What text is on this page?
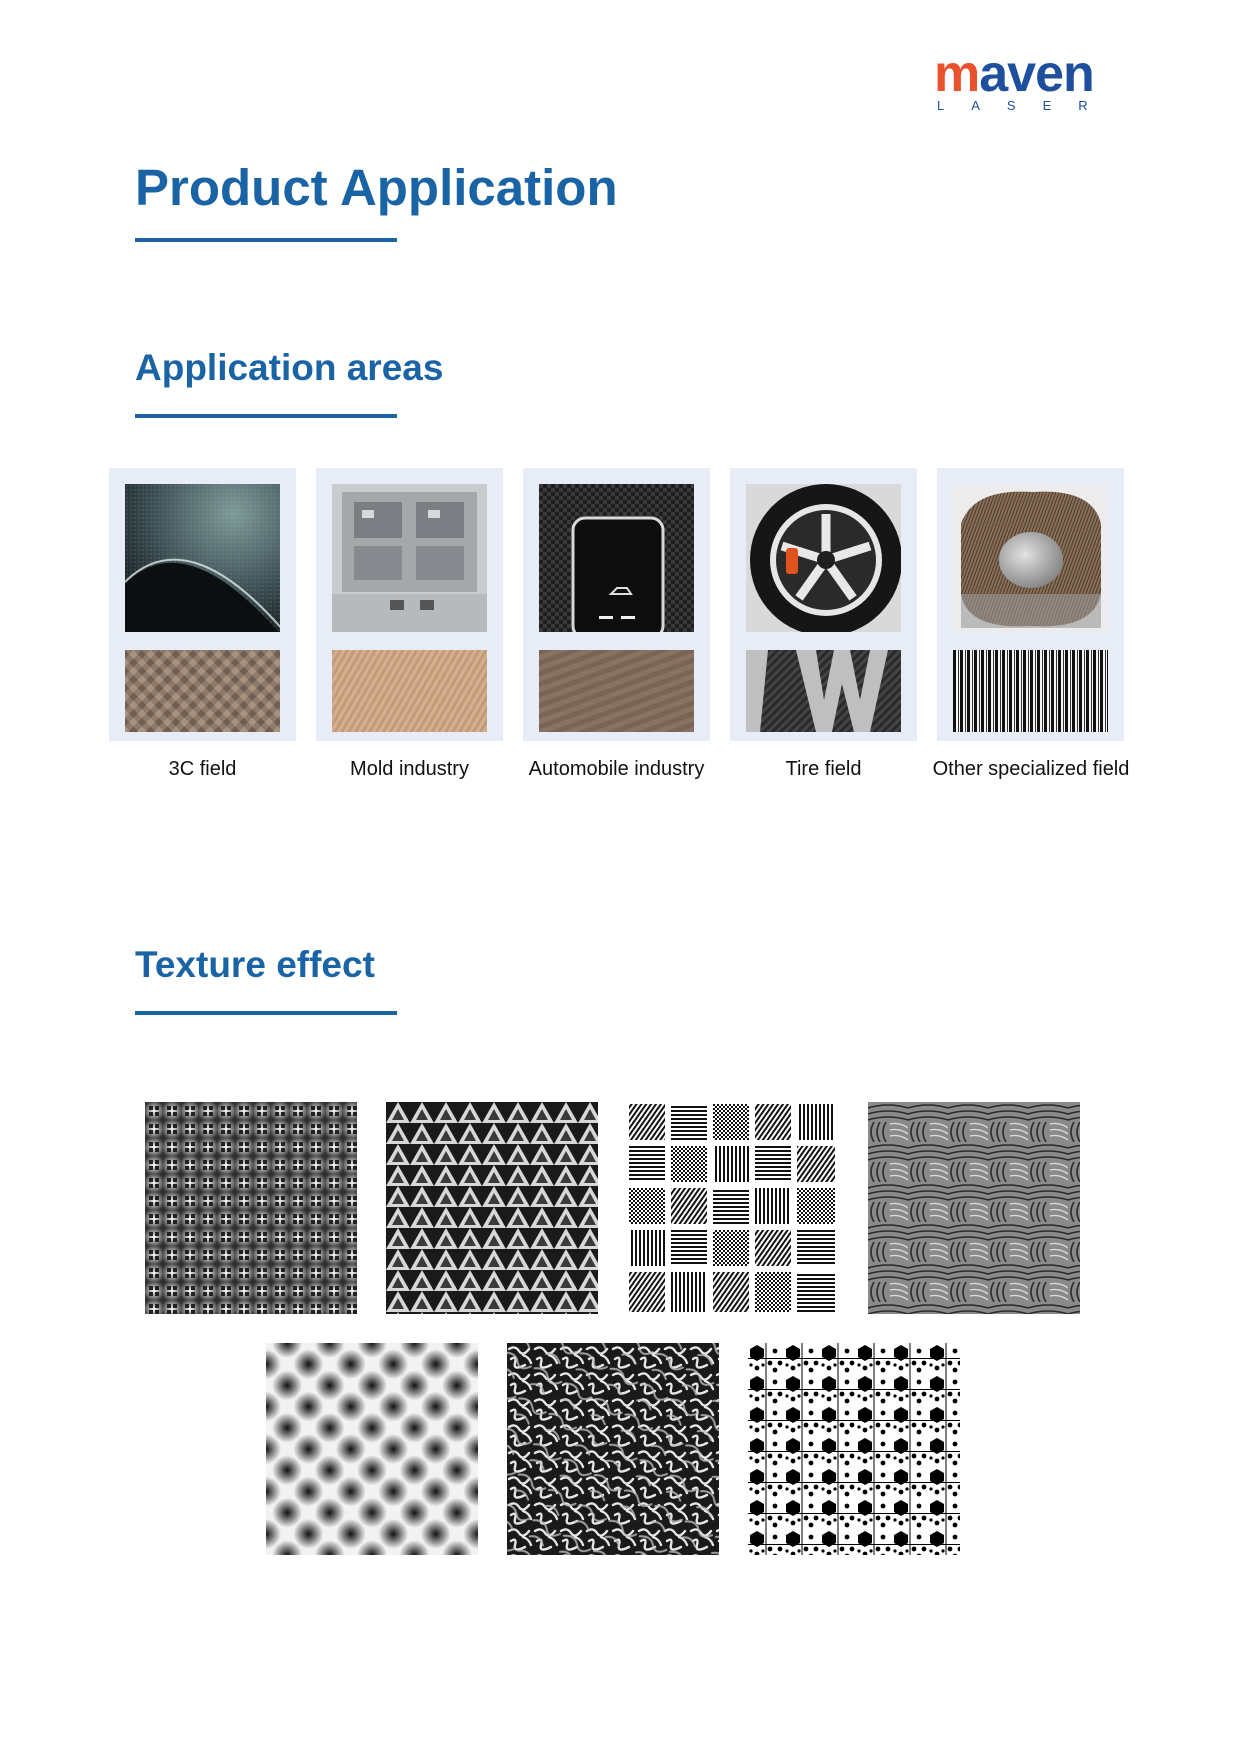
maven
LASER
Product Application
Application areas
3C field	Mold industry	Automobile industry	Tire field	Other specialized field
Texture effect
